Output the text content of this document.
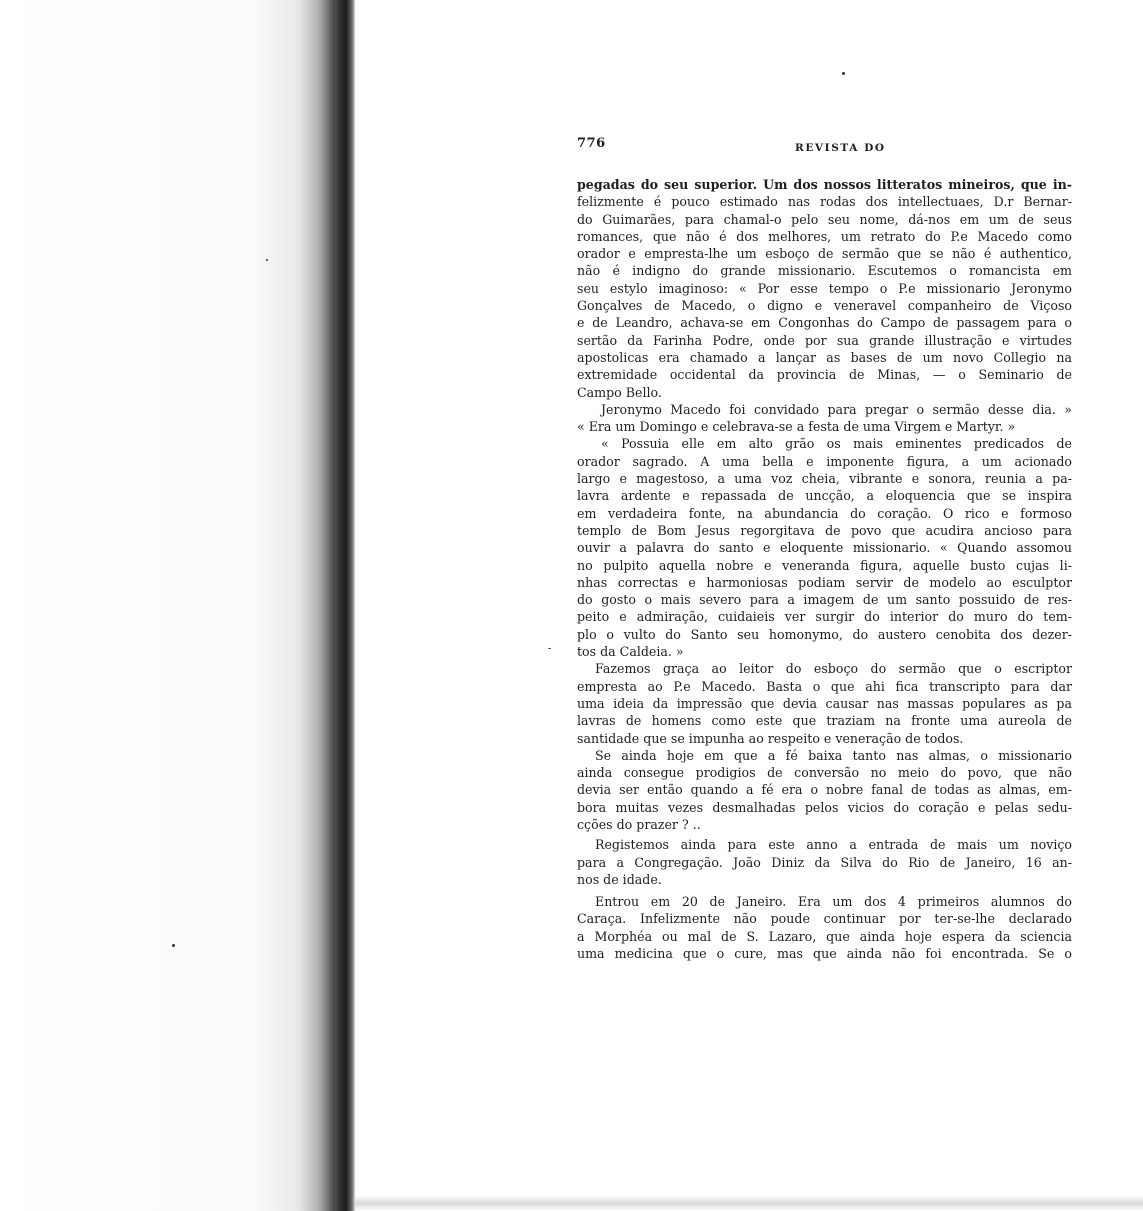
776	REVISTA DO

pegadas do seu superior. Um dos nossos litteratos mineiros, que in-

felizmente é pouco estimado nas rodas dos intellectuaes, D.r Bernar-

do Guimarães, para chamal-o pelo seu nome, dá-nos em um de seus

romances, que não é dos melhores, um retrato do P.e Macedo como

orador e empresta-lhe um esboço de sermão que se não é authentico,

não é indigno do grande missionario. Escutemos o romancista em

seu estylo imaginoso: « Por esse tempo o P.e missionario Jeronymo

Gonçalves de Macedo, o digno e veneravel companheiro de Viçoso

e de Leandro, achava-se em Congonhas do Campo de passagem para o

sertão da Farinha Podre, onde por sua grande illustração e virtudes

apostolicas era chamado a lançar as bases de um novo Collegio na

extremidade occidental da provincia de Minas, — o Seminario de

Campo Bello.

Jeronymo Macedo foi convidado para pregar o sermão desse dia. »

« Era um Domingo e celebrava-se a festa de uma Virgem e Martyr. »

« Possuia elle em alto grão os mais eminentes predicados de

orador sagrado. A uma bella e imponente figura, a um acionado

largo e magestoso, a uma voz cheia, vibrante e sonora, reunia a pa-

lavra ardente e repassada de uncção, a eloquencia que se inspira

em verdadeira fonte, na abundancia do coração. O rico e formoso

templo de Bom Jesus regorgitava de povo que acudira ancioso para

ouvir a palavra do santo e eloquente missionario. « Quando assomou

no pulpito aquella nobre e veneranda figura, aquelle busto cujas li-

nhas correctas e harmoniosas podiam servir de modelo ao esculptor

do gosto o mais severo para a imagem de um santo possuido de res-

peito e admiração, cuidaieis ver surgir do interior do muro do tem-

plo o vulto do Santo seu homonymo, do austero cenobita dos dezer-

tos da Caldeia. »

Fazemos graça ao leitor do esboço do sermão que o escriptor

empresta ao P.e Macedo. Basta o que ahi fica transcripto para dar

uma ideia da impressão que devia causar nas massas populares as pa

lavras de homens como este que traziam na fronte uma aureola de

santidade que se impunha ao respeito e veneração de todos.

Se ainda hoje em que a fé baixa tanto nas almas, o missionario

ainda consegue prodigios de conversão no meio do povo, que não

devia ser então quando a fé era o nobre fanal de todas as almas, em-

bora muitas vezes desmalhadas pelos vicios do coração e pelas sedu-

cções do prazer ? ..

Registemos ainda para este anno a entrada de mais um noviço

para a Congregação. João Diniz da Silva do Rio de Janeiro, 16 an-

nos de idade.

Entrou em 20 de Janeiro. Era um dos 4 primeiros alumnos do

Caraça. Infelizmente não poude continuar por ter-se-lhe declarado

a Morphéa ou mal de S. Lazaro, que ainda hoje espera da sciencia

uma medicina que o cure, mas que ainda não foi encontrada. Se o
